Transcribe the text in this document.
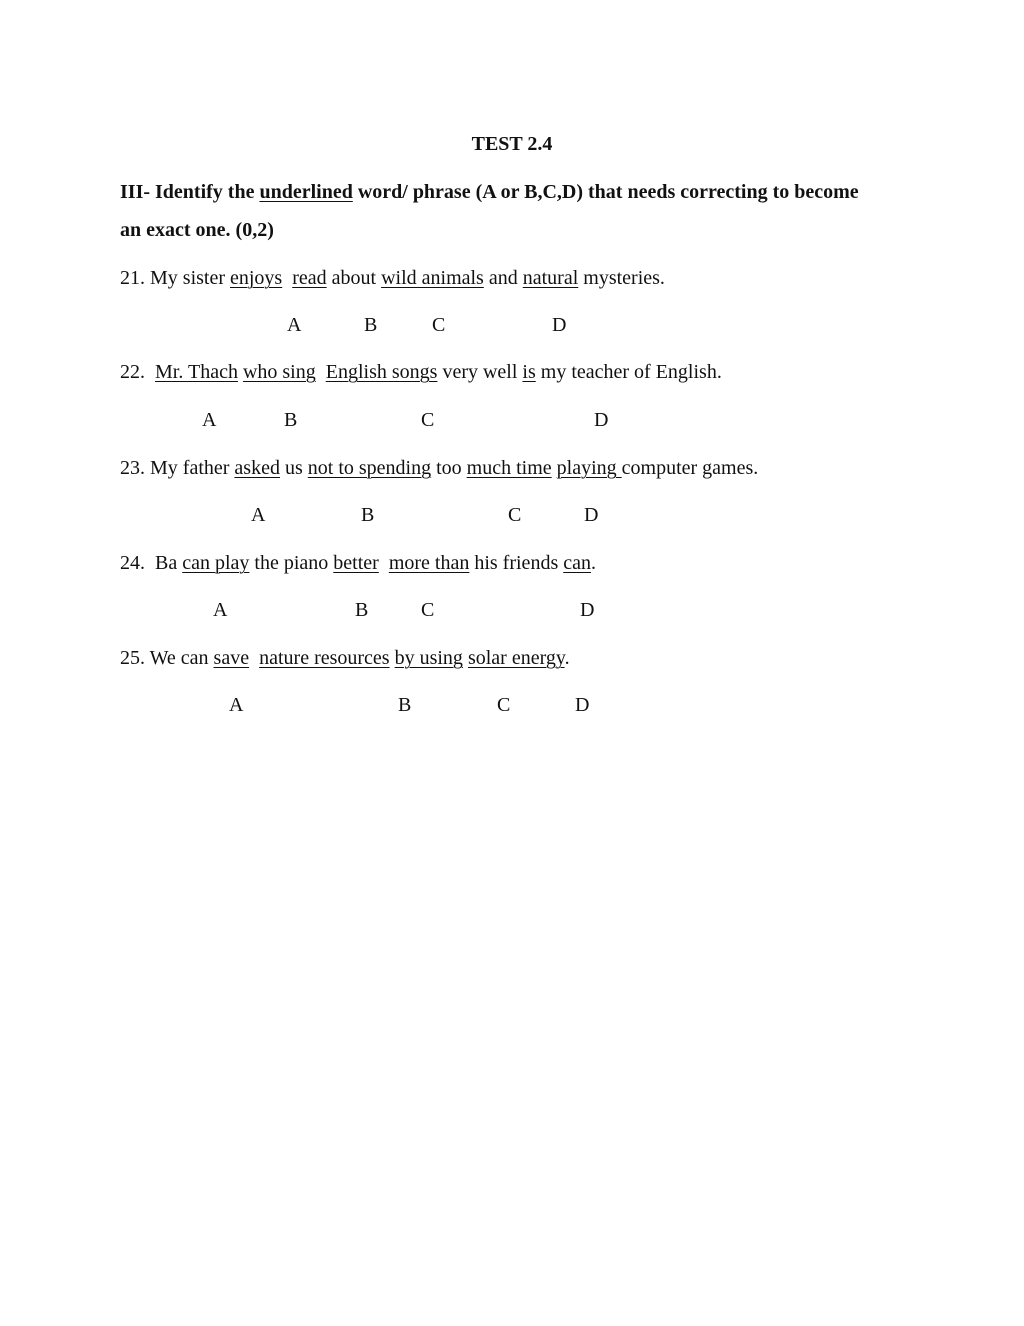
TEST 2.4
III- Identify the underlined word/ phrase (A or B,C,D) that needs correcting to become
an exact one. (0,2)
21. My sister enjoys read about wild animals and natural mysteries.
A	B	C	D
22. Mr. Thach who sing English songs very well is my teacher of English.
A	B	C	D
23. My father asked us not to spending too much time playing computer games.
A	B	C	D
24.  Ba can play the piano better more than his friends can.
A	B	C	D
25. We can save nature resources by using solar energy.
A	B	C	D
